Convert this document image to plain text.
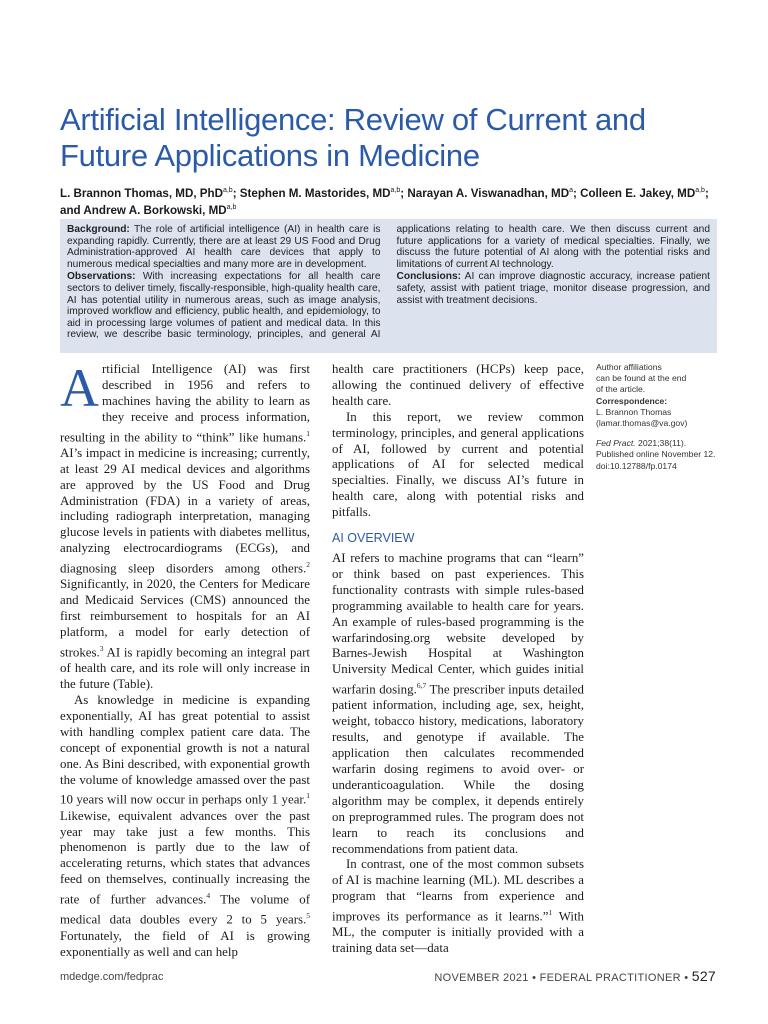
Artificial Intelligence: Review of Current and Future Applications in Medicine
L. Brannon Thomas, MD, PhD$^{a,b}$; Stephen M. Mastorides, MD$^{a,b}$; Narayan A. Viswanadhan, $MD^a$; Colleen E. Jakey, MD$^{a,b}$; and Andrew A. Borkowski, MD$^{a,b}$

Background: The role of artificial intelligence (AI) in health care is expanding rapidly. Currently, there are at least 29 US Food and Drug Administration-approved AI health care devices that apply to numerous medical specialties and many more are in development.

Observations: With increasing expectations for all health care sectors to deliver timely, fiscally-responsible, high-quality health care, AI has potential utility in numerous areas, such as image analysis, improved workflow and efficiency, public health, and epidemiology, to aid in processing large volumes of patient and medical data. In this review, we describe basic terminology, principles, and general AI applications relating to health care. We then discuss current and future applications for a variety of medical specialties. Finally, we discuss the future potential of AI along with the potential risks and limitations of current AI technology.

Conclusions: AI can improve diagnostic accuracy, increase patient safety, assist with patient triage, monitor disease progression, and assist with treatment decisions.

Artificial Intelligence (AI) was first described in 1956 and refers to machines having the ability to learn as they receive and process information, resulting in the ability to “think” like humans.$^1$ AI’s impact in medicine is increasing; currently, at least 29 AI medical devices and algorithms are approved by the US Food and Drug Administration (FDA) in a variety of areas, including radiograph interpretation, managing glucose levels in patients with diabetes mellitus, analyzing electrocardiograms (ECGs), and diagnosing sleep disorders among others.$^2$ Significantly, in 2020, the Centers for Medicare and Medicaid Services (CMS) announced the first reimbursement to hospitals for an AI platform, a model for early detection of strokes.$^3$ AI is rapidly becoming an integral part of health care, and its role will only increase in the future (Table).

As knowledge in medicine is expanding exponentially, AI has great potential to assist with handling complex patient care data. The concept of exponential growth is not a natural one. As Bini described, with exponential growth the volume of knowledge amassed over the past 10 years will now occur in perhaps only 1 year.$^1$ Likewise, equivalent advances over the past year may take just a few months. This phenomenon is partly due to the law of accelerating returns, which states that advances feed on themselves, continually increasing the rate of further advances.$^4$ The volume of medical data doubles every 2 to 5 years.$^5$ Fortunately, the field of AI is growing exponentially as well and can help

health care practitioners (HCPs) keep pace, allowing the continued delivery of effective health care.

In this report, we review common terminology, principles, and general applications of AI, followed by current and potential applications of AI for selected medical specialties. Finally, we discuss AI’s future in health care, along with potential risks and pitfalls.

AI OVERVIEW

AI refers to machine programs that can “learn” or think based on past experiences. This functionality contrasts with simple rules-based programming available to health care for years. An example of rules-based programming is the warfarindosing.org website developed by Barnes-Jewish Hospital at Washington University Medical Center, which guides initial warfarin dosing.$^{6,7}$ The prescriber inputs detailed patient information, including age, sex, height, weight, tobacco history, medications, laboratory results, and genotype if available. The application then calculates recommended warfarin dosing regimens to avoid over- or underanticoagulation. While the dosing algorithm may be complex, it depends entirely on preprogrammed rules. The program does not learn to reach its conclusions and recommendations from patient data.

In contrast, one of the most common subsets of AI is machine learning (ML). ML describes a program that “learns from experience and improves its performance as it learns.”$^1$ With ML, the computer is initially provided with a training data set—data

Author affiliations
can be found at the end
of the article.
Correspondence:
L. Brannon Thomas
(lamar.thomas@va.gov)
Fed Pract. 2021;38(11).
Published online November 12.
doi:10.12788/fp.0174
mdedge.com/fedprac	NOVEMBER 2021 • FEDERAL PRACTITIONER • 527
